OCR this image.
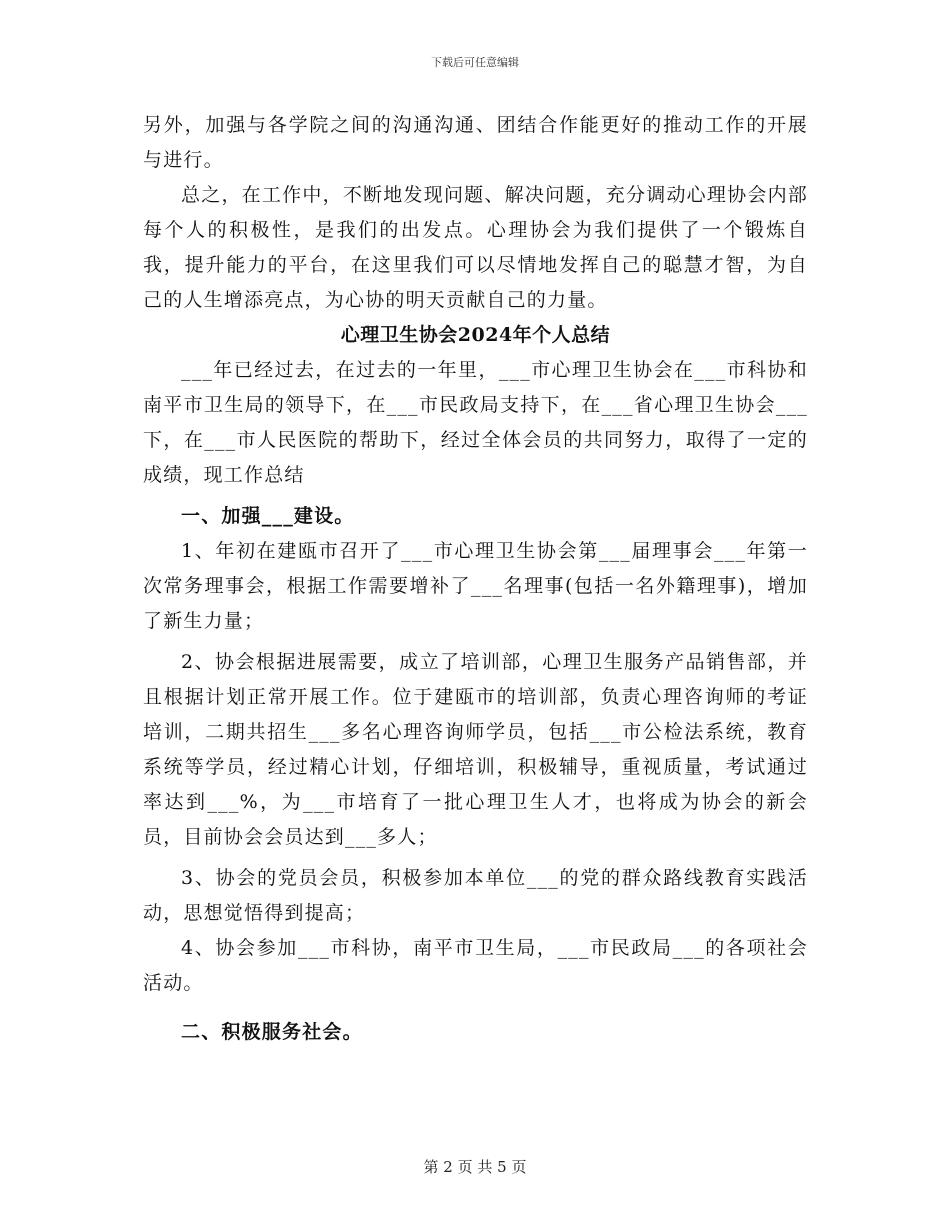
下载后可任意编辑

另外，加强与各学院之间的沟通沟通、团结合作能更好的推动工作的开展与进行。

总之，在工作中，不断地发现问题、解决问题，充分调动心理协会内部每个人的积极性，是我们的出发点。心理协会为我们提供了一个锻炼自我，提升能力的平台，在这里我们可以尽情地发挥自己的聪慧才智，为自己的人生增添亮点，为心协的明天贡献自己的力量。

心理卫生协会2024年个人总结

___年已经过去，在过去的一年里，___市心理卫生协会在___市科协和南平市卫生局的领导下，在___市民政局支持下，在___省心理卫生协会___下，在___市人民医院的帮助下，经过全体会员的共同努力，取得了一定的成绩，现工作总结

一、加强___建设。

1、年初在建瓯市召开了___市心理卫生协会第___届理事会___年第一次常务理事会，根据工作需要增补了___名理事(包括一名外籍理事)，增加了新生力量；

2、协会根据进展需要，成立了培训部，心理卫生服务产品销售部，并且根据计划正常开展工作。位于建瓯市的培训部，负责心理咨询师的考证培训，二期共招生___多名心理咨询师学员，包括___市公检法系统，教育系统等学员，经过精心计划，仔细培训，积极辅导，重视质量，考试通过率达到___%，为___市培育了一批心理卫生人才，也将成为协会的新会员，目前协会会员达到___多人；

3、协会的党员会员，积极参加本单位___的党的群众路线教育实践活动，思想觉悟得到提高；

4、协会参加___市科协，南平市卫生局，___市民政局___的各项社会活动。

二、积极服务社会。

第 2 页 共 5 页
